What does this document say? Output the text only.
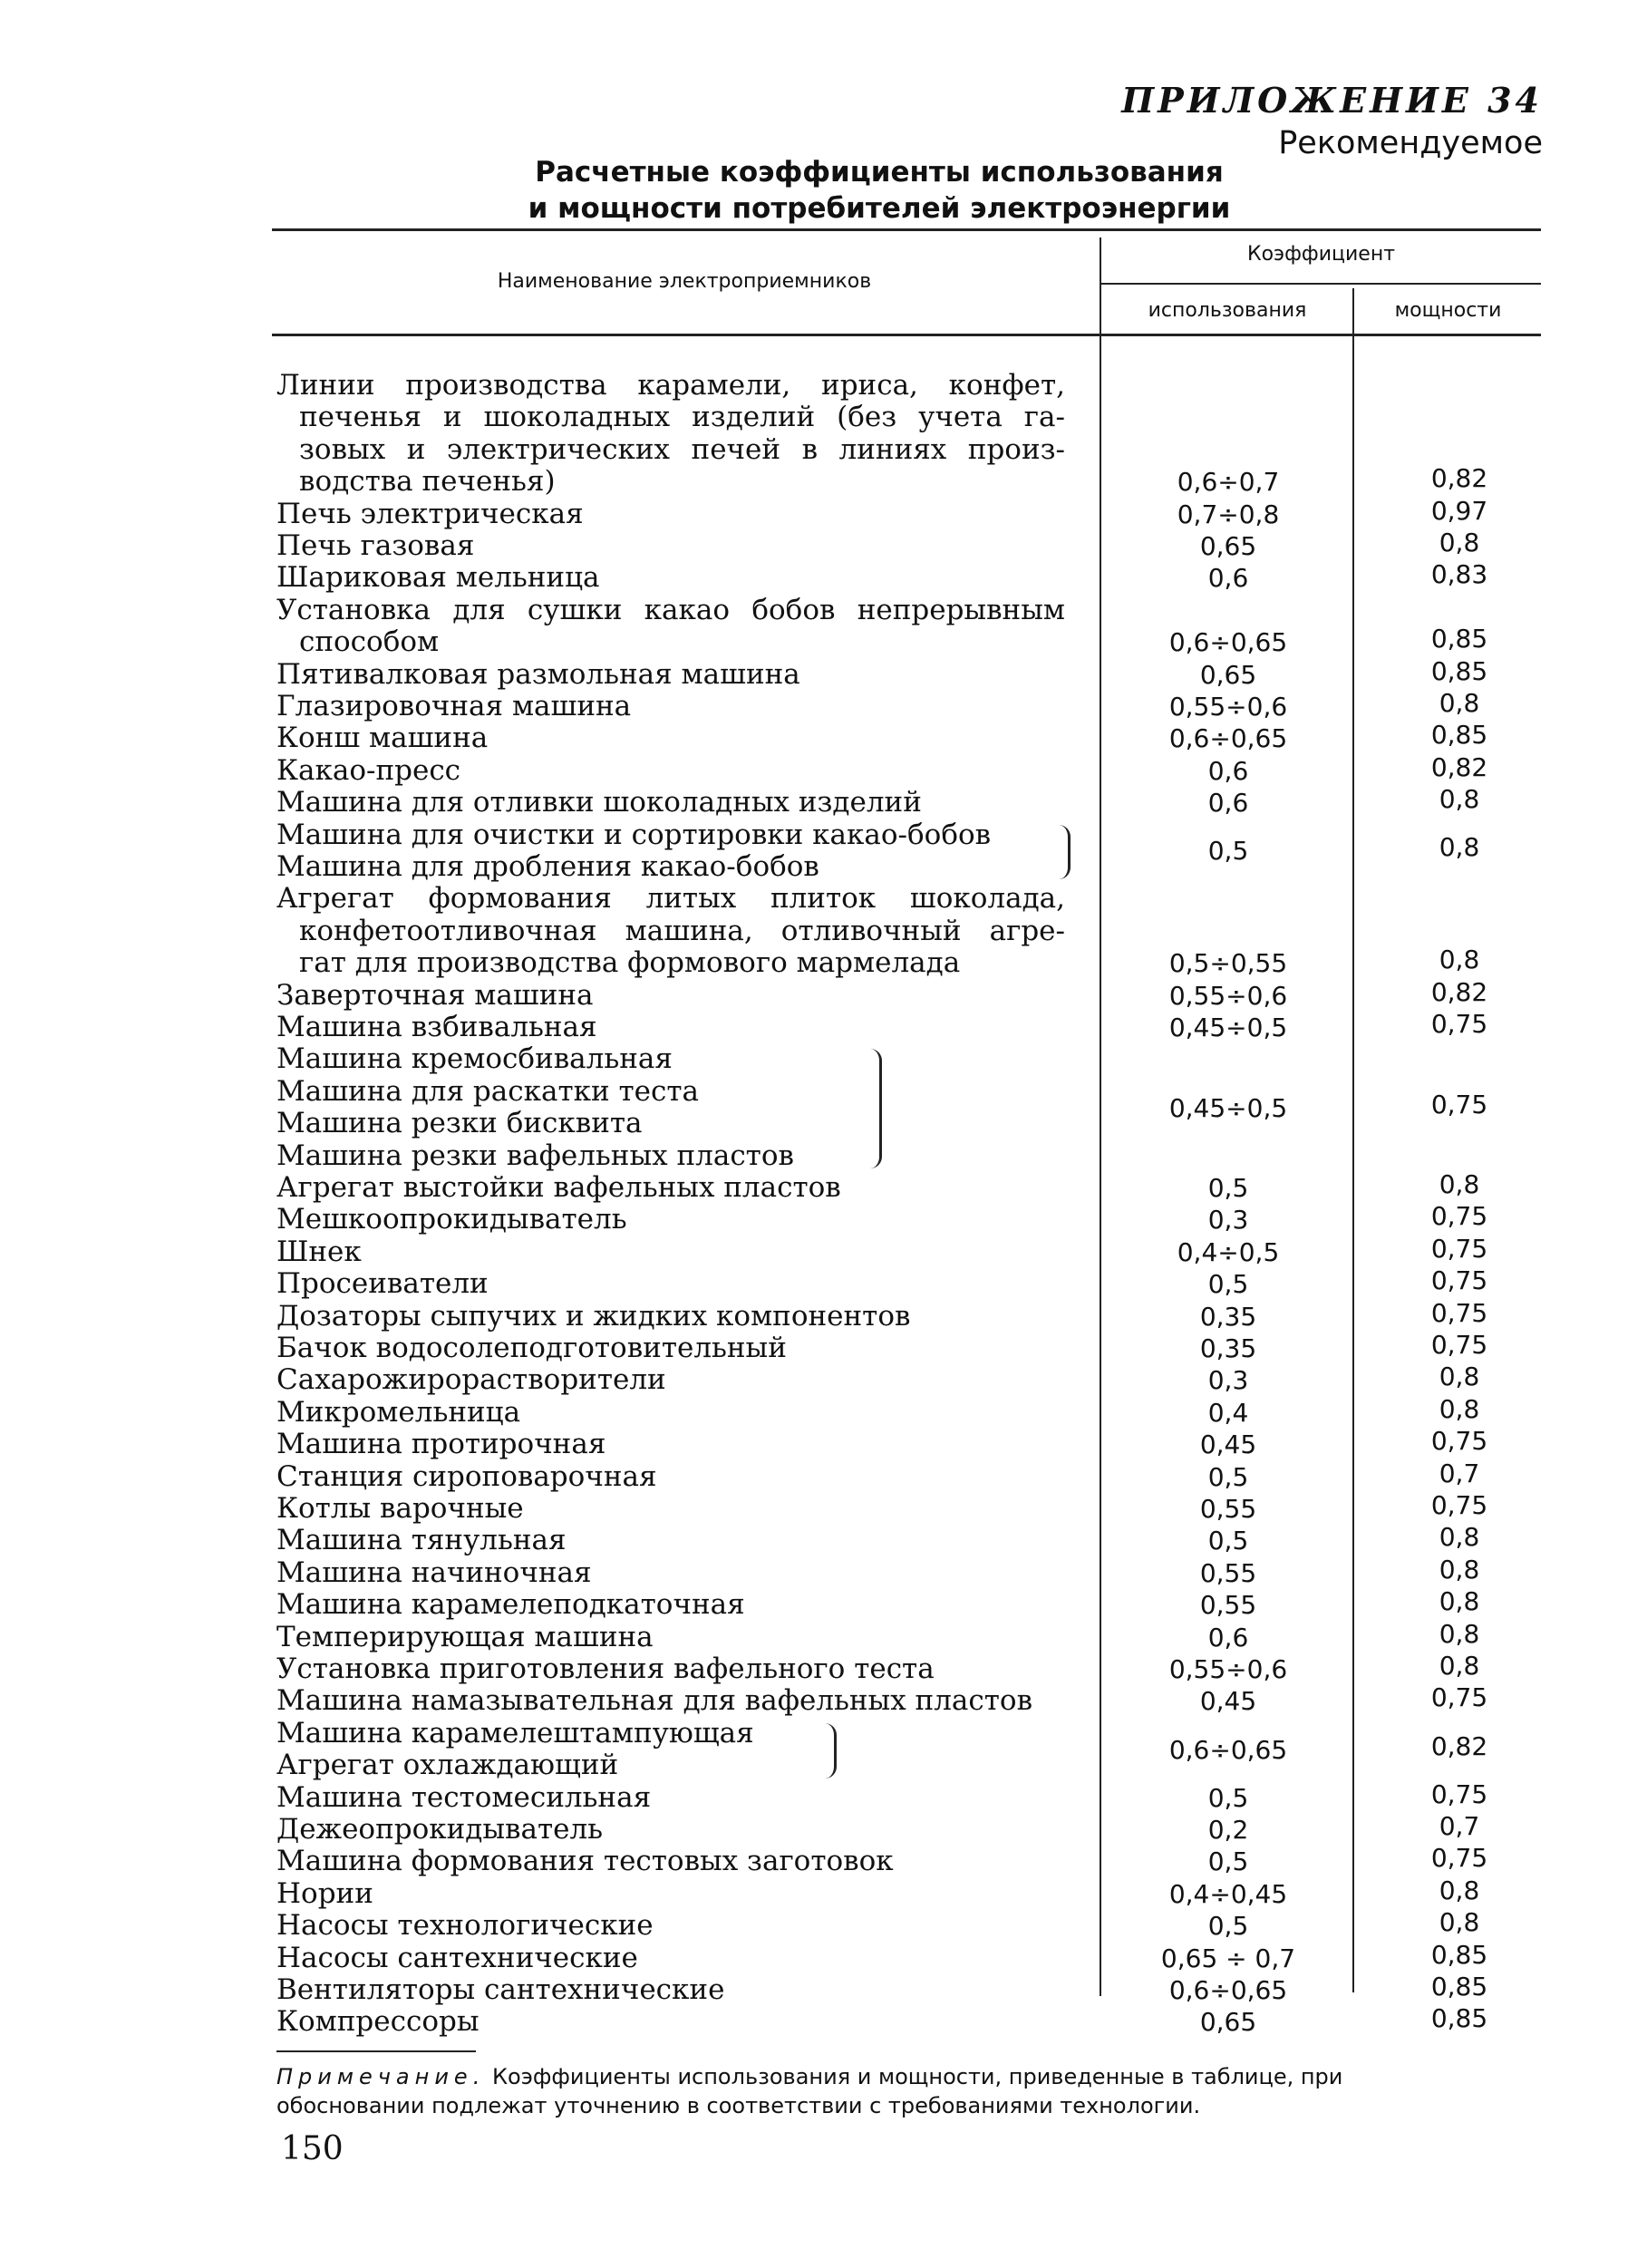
ПРИЛОЖЕНИЕ 34
Рекомендуемое
Расчетные коэффициенты использования
и мощности потребителей электроэнергии
Наименование электроприемников
Коэффициент
использования	мощности
Линии производства карамели, ириса, конфет,
печенья и шоколадных изделий (без учета га-
зовых и электрических печей в линиях произ-
водства печенья)	0,6÷0,7	0,82
Печь электрическая	0,7÷0,8	0,97
Печь газовая	0,65	0,8
Шариковая мельница	0,6	0,83
Установка для сушки какао бобов непрерывным
способом	0,6÷0,65	0,85
Пятивалковая размольная машина	0,65	0,85
Глазировочная машина	0,55÷0,6	0,8
Конш машина	0,6÷0,65	0,85
Какао-пресс	0,6	0,82
Машина для отливки шоколадных изделий	0,6	0,8
Машина для очистки и сортировки какао-бобов
Машина для дробления какао-бобов	0,5	0,8
Агрегат формования литых плиток шоколада,
конфетоотливочная машина, отливочный агре-
гат для производства формового мармелада	0,5÷0,55	0,8
Заверточная машина	0,55÷0,6	0,82
Машина взбивальная	0,45÷0,5	0,75
Машина кремосбивальная
Машина для раскатки теста
Машина резки бисквита
Машина резки вафельных пластов
0,45÷0,5	0,75
Агрегат выстойки вафельных пластов	0,5	0,8
Мешкоопрокидыватель	0,3	0,75
Шнек	0,4÷0,5	0,75
Просеиватели	0,5	0,75
Дозаторы сыпучих и жидких компонентов	0,35	0,75
Бачок водосолеподготовительный	0,35	0,75
Сахарожирорастворители	0,3	0,8
Микромельница	0,4	0,8
Машина протирочная	0,45	0,75
Станция сироповарочная	0,5	0,7
Котлы варочные	0,55	0,75
Машина тянульная	0,5	0,8
Машина начиночная	0,55	0,8
Машина карамелеподкаточная	0,55	0,8
Темперирующая машина	0,6	0,8
Установка приготовления вафельного теста	0,55÷0,6	0,8
Машина намазывательная для вафельных пластов	0,45	0,75
Машина карамелештампующая
Агрегат охлаждающий	0,6÷0,65	0,82
Машина тестомесильная	0,5	0,75
Дежеопрокидыватель	0,2	0,7
Машина формования тестовых заготовок	0,5	0,75
Нории	0,4÷0,45	0,8
Насосы технологические	0,5	0,8
Насосы сантехнические	0,65 ÷ 0,7	0,85
Вентиляторы сантехнические	0,6÷0,65	0,85
Компрессоры	0,65	0,85
Примечание. Коэффициенты использования и мощности, приведенные в таблице, при обосновании подлежат уточнению в соответствии с требованиями технологии.
150
